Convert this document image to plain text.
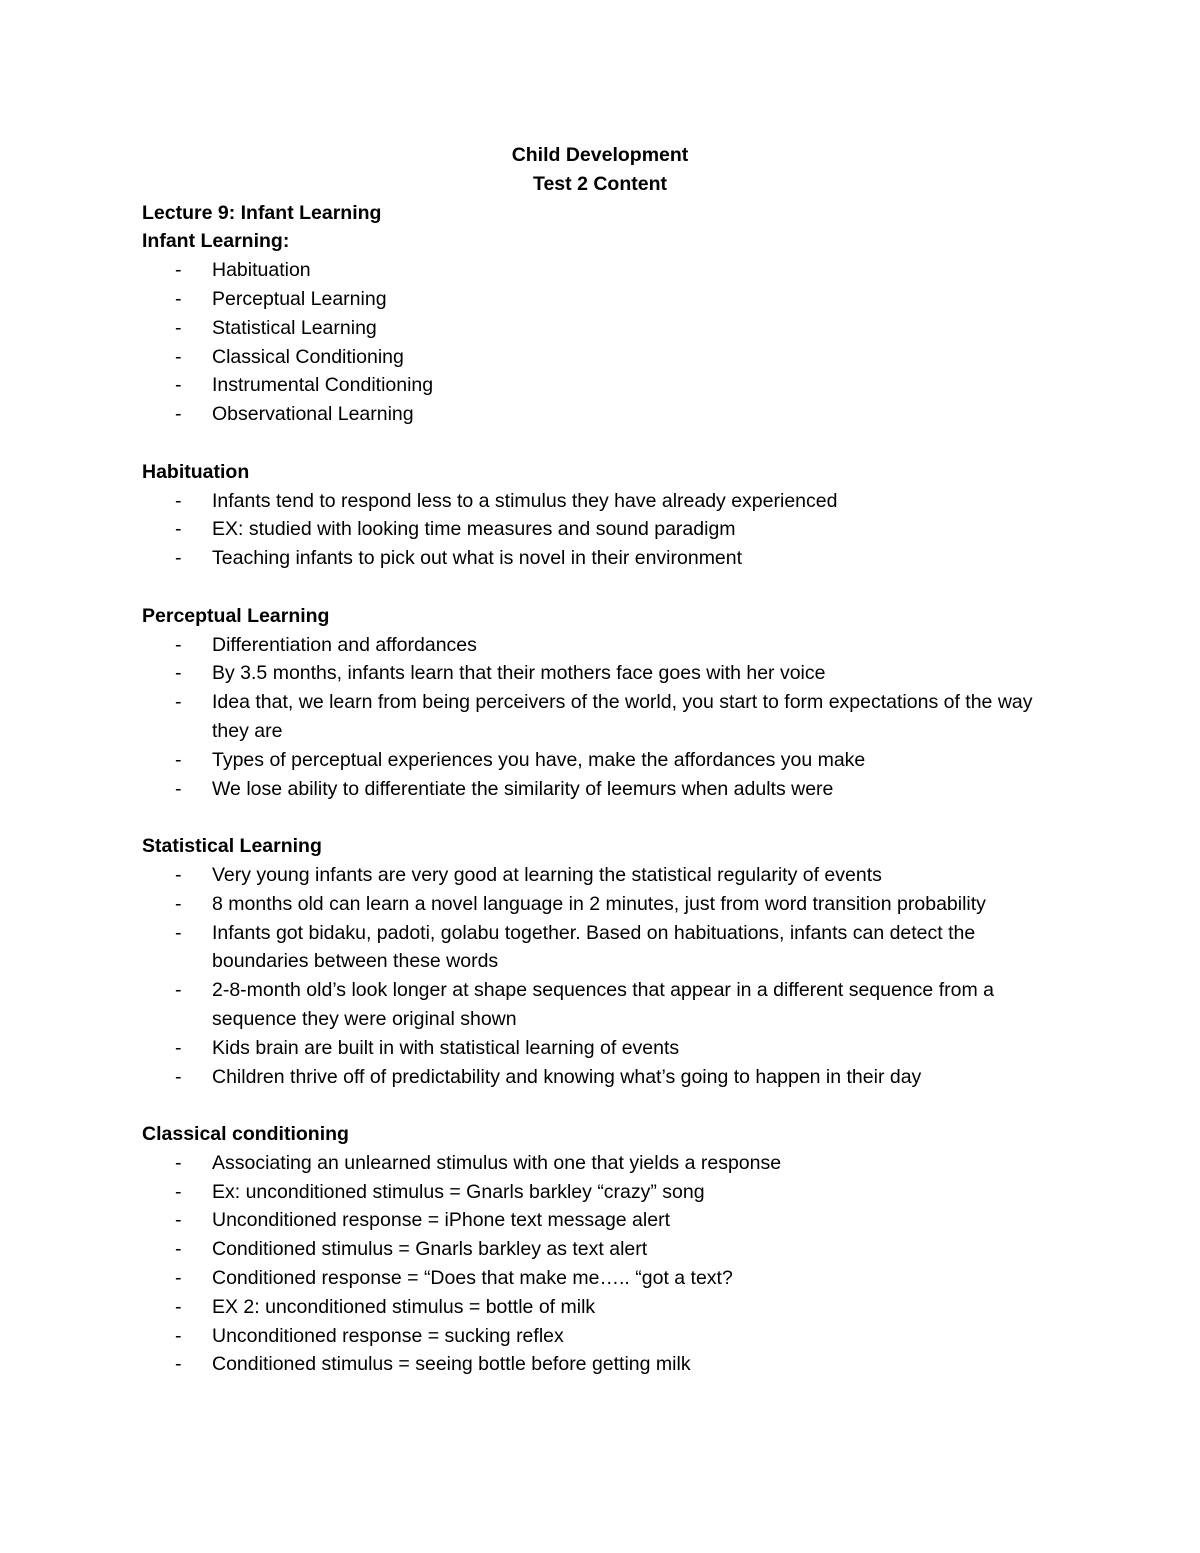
Child Development
Test 2 Content
Lecture 9: Infant Learning
Infant Learning:
- Habituation
- Perceptual Learning
- Statistical Learning
- Classical Conditioning
- Instrumental Conditioning
- Observational Learning
Habituation
- Infants tend to respond less to a stimulus they have already experienced
- EX: studied with looking time measures and sound paradigm
- Teaching infants to pick out what is novel in their environment
Perceptual Learning
- Differentiation and affordances
- By 3.5 months, infants learn that their mothers face goes with her voice
- Idea that, we learn from being perceivers of the world, you start to form expectations of the way they are
- Types of perceptual experiences you have, make the affordances you make
- We lose ability to differentiate the similarity of leemurs when adults were
Statistical Learning
- Very young infants are very good at learning the statistical regularity of events
- 8 months old can learn a novel language in 2 minutes, just from word transition probability
- Infants got bidaku, padoti, golabu together. Based on habituations, infants can detect the boundaries between these words
- 2-8-month old’s look longer at shape sequences that appear in a different sequence from a sequence they were original shown
- Kids brain are built in with statistical learning of events
- Children thrive off of predictability and knowing what’s going to happen in their day
Classical conditioning
- Associating an unlearned stimulus with one that yields a response
- Ex: unconditioned stimulus = Gnarls barkley “crazy” song
- Unconditioned response = iPhone text message alert
- Conditioned stimulus = Gnarls barkley as text alert
- Conditioned response = “Does that make me….. “got a text?
- EX 2: unconditioned stimulus = bottle of milk
- Unconditioned response = sucking reflex
- Conditioned stimulus = seeing bottle before getting milk
